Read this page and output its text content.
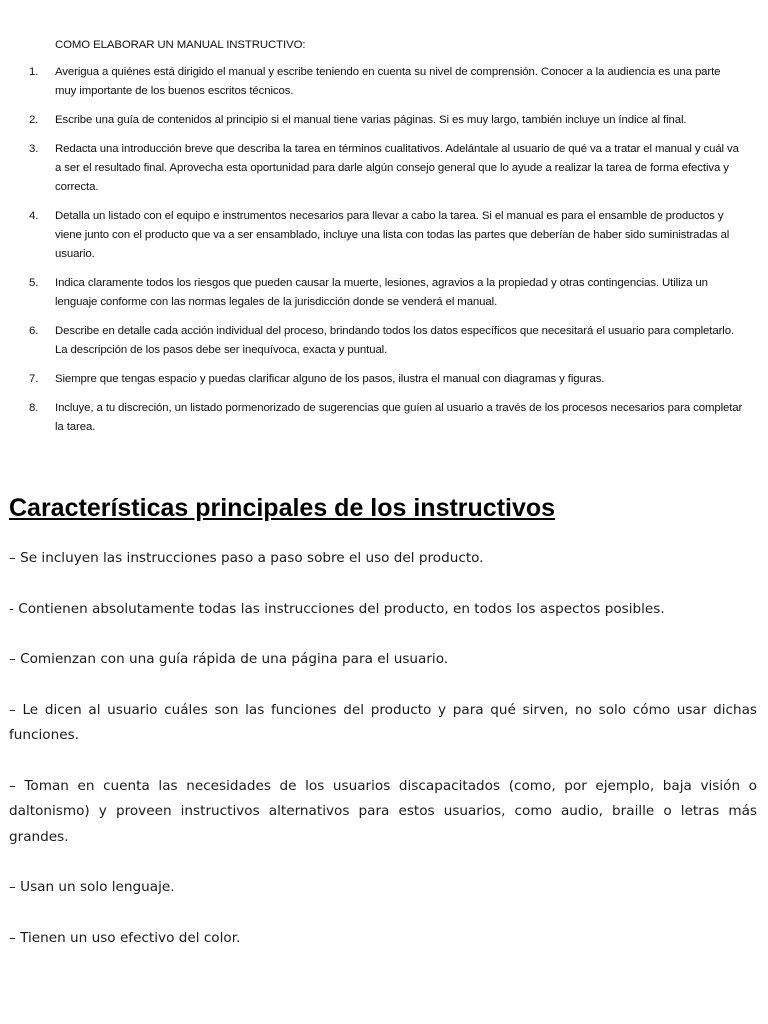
COMO ELABORAR UN MANUAL INSTRUCTIVO:

1.	Averigua a quiénes está dirigido el manual y escribe teniendo en cuenta su nivel de comprensión. Conocer a la audiencia es una parte muy importante de los buenos escritos técnicos.
2.	Escribe una guía de contenidos al principio si el manual tiene varias páginas. Si es muy largo, también incluye un índice al final.
3.	Redacta una introducción breve que describa la tarea en términos cualitativos. Adelántale al usuario de qué va a tratar el manual y cuál va a ser el resultado final. Aprovecha esta oportunidad para darle algún consejo general que lo ayude a realizar la tarea de forma efectiva y correcta.
4.	Detalla un listado con el equipo e instrumentos necesarios para llevar a cabo la tarea. Si el manual es para el ensamble de productos y viene junto con el producto que va a ser ensamblado, incluye una lista con todas las partes que deberían de haber sido suministradas al usuario.
5.	Indica claramente todos los riesgos que pueden causar la muerte, lesiones, agravios a la propiedad y otras contingencias. Utiliza un lenguaje conforme con las normas legales de la jurisdicción donde se venderá el manual.
6.	Describe en detalle cada acción individual del proceso, brindando todos los datos específicos que necesitará el usuario para completarlo. La descripción de los pasos debe ser inequívoca, exacta y puntual.
7.	Siempre que tengas espacio y puedas clarificar alguno de los pasos, ilustra el manual con diagramas y figuras.
8.	Incluye, a tu discreción, un listado pormenorizado de sugerencias que guíen al usuario a través de los procesos necesarios para completar la tarea.
Características principales de los instructivos

– Se incluyen las instrucciones paso a paso sobre el uso del producto.

- Contienen absolutamente todas las instrucciones del producto, en todos los aspectos posibles.

– Comienzan con una guía rápida de una página para el usuario.

– Le dicen al usuario cuáles son las funciones del producto y para qué sirven, no solo cómo usar dichas funciones.

– Toman en cuenta las necesidades de los usuarios discapacitados (como, por ejemplo, baja visión o daltonismo) y proveen instructivos alternativos para estos usuarios, como audio, braille o letras más grandes.

– Usan un solo lenguaje.

– Tienen un uso efectivo del color.
